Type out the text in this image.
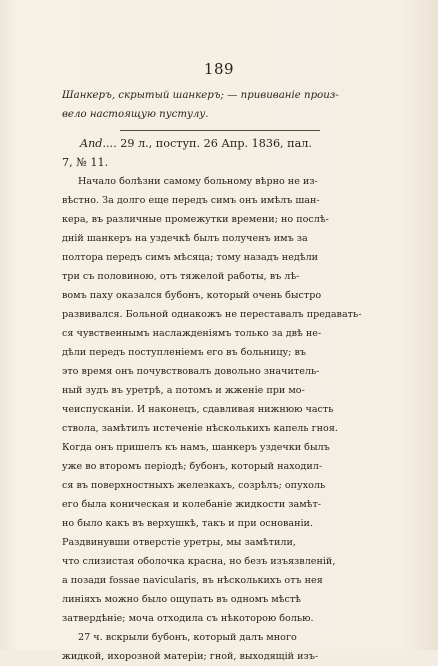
189

Шанкеръ, скрытый шанкеръ; — прививаніе произ-

вело настоящую пустулу.

And.... 29 л., поступ. 26 Апр. 1836, пал.

7, № 11.

Начало болѣзни самому больному вѣрно не из-

вѣстно. За долго еще передъ симъ онъ имѣлъ шан-

кера, въ различные промежутки времени; но послѣ-

дній шанкеръ на уздечкѣ былъ полученъ имъ за

полтора передъ симъ мѣсяца; тому назадъ недѣли

три съ половиною, отъ тяжелой работы, въ лѣ-

вомъ паху оказался бубонъ, который очень быстро

развивался. Больной однакожъ не переставалъ предавать-

ся чувственнымъ наслажденіямъ только за двѣ не-

дѣли передъ поступленіемъ его въ больницу; въ

это время онъ почувствовалъ довольно значитель-

ный зудъ въ уретрѣ, а потомъ и жженіе при мо-

чеиспусканіи. И наконецъ, сдавливая нижнюю часть

ствола, замѣтилъ истеченіе нѣсколькихъ капель гноя.

Когда онъ пришелъ къ намъ, шанкеръ уздечки былъ

уже во второмъ періодѣ; бубонъ, который находил-

ся въ поверхностныхъ железкахъ, созрѣлъ; опухоль

его была коническая и колебаніе жидкости замѣт-

но было какъ въ верхушкѣ, такъ и при основаніи.

Раздвинувши отверстіе уретры, мы замѣтили,

что слизистая оболочка красна, но безъ изъязвленій,

а позади fossae navicularis, въ нѣсколькихъ отъ нея

линіяхъ можно было ощупать въ одномъ мѣстѣ

затвердѣніе; моча отходила съ нѣкоторою болью.

27 ч. вскрыли бубонъ, который далъ много

жидкой, ихорозной матеріи; гной, выходящій изъ-
